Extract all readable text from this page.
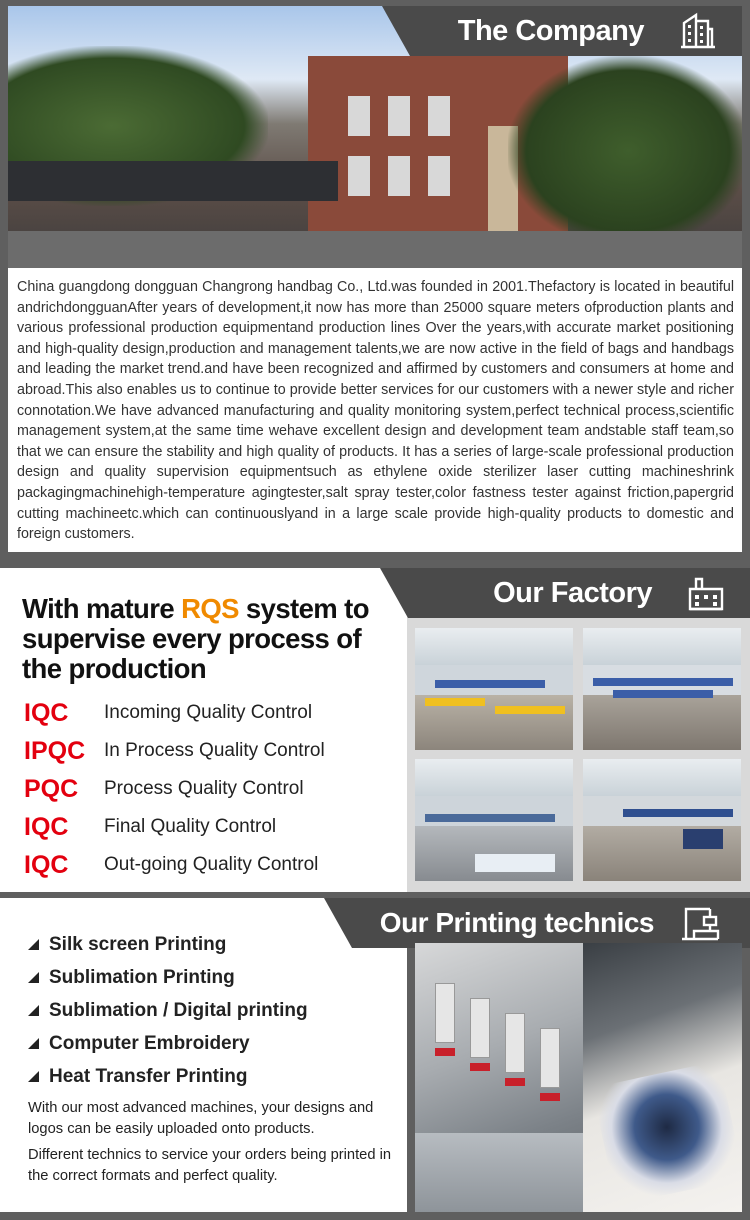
The Company

China guangdong dongguan Changrong handbag Co., Ltd.was founded in 2001.Thefactory is located in beautiful andrichdongguanAfter years of development,it now has more than 25000 square meters ofproduction plants and various professional production equipmentand production lines Over the years,with accurate market positioning and high-quality design,production and management talents,we are now active in the field of bags and handbags and leading the market trend.and have been recognized and affirmed by customers and consumers at home and abroad.This also enables us to continue to provide better services for our customers with a newer style and richer connotation.We have advanced manufacturing and quality monitoring system,perfect technical process,scientific management system,at the same time wehave excellent design and development team andstable staff team,so that we can ensure the stability and high quality of products. It has a series of large-scale professional production design and quality supervision equipmentsuch as ethylene oxide sterilizer laser cutting machineshrink packagingmachinehigh-temperature agingtester,salt spray tester,color fastness tester against friction,papergrid cutting machineetc.which can continuouslyand in a large scale provide high-quality products to domestic and foreign customers.

With mature RQS system to supervise every process of the production
IQC	Incoming Quality Control
IPQC In Process Quality Control
PQC	Process Quality Control
IQC	Final Quality Control
IQC	Out-going Quality Control
Our Factory
Silk screen Printing
Sublimation Printing
Sublimation / Digital printing
Computer Embroidery
Heat Transfer Printing

With our most advanced machines, your designs and logos can be easily uploaded onto products.

Different technics to service your orders being printed in the correct formats and perfect quality.

Our Printing technics
